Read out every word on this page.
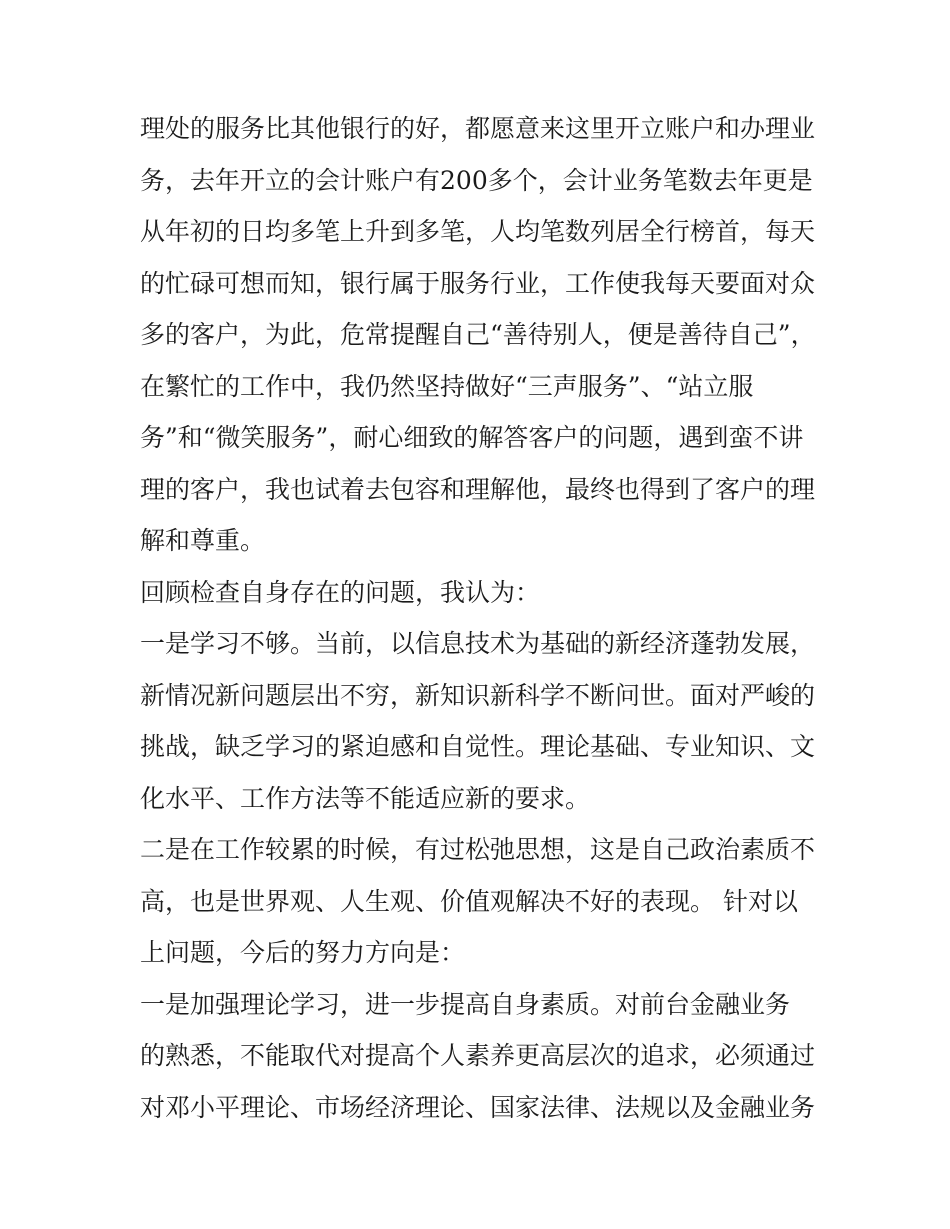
理处的服务比其他银行的好，都愿意来这里开立账户和办理业
务，去年开立的会计账户有200多个，会计业务笔数去年更是
从年初的日均多笔上升到多笔，人均笔数列居全行榜首，每天
的忙碌可想而知，银行属于服务行业，工作使我每天要面对众
多的客户，为此，危常提醒自己“善待别人，便是善待自己”，
在繁忙的工作中，我仍然坚持做好“三声服务”、“站立服
务”和“微笑服务”，耐心细致的解答客户的问题，遇到蛮不讲
理的客户，我也试着去包容和理解他，最终也得到了客户的理
解和尊重。
回顾检查自身存在的问题，我认为：
一是学习不够。当前，以信息技术为基础的新经济蓬勃发展，
新情况新问题层出不穷，新知识新科学不断问世。面对严峻的
挑战，缺乏学习的紧迫感和自觉性。理论基础、专业知识、文
化水平、工作方法等不能适应新的要求。
二是在工作较累的时候，有过松弛思想，这是自己政治素质不
高，也是世界观、人生观、价值观解决不好的表现。 针对以
上问题，今后的努力方向是：
一是加强理论学习，进一步提高自身素质。对前台金融业务
的熟悉，不能取代对提高个人素养更高层次的追求，必须通过
对邓小平理论、市场经济理论、国家法律、法规以及金融业务
